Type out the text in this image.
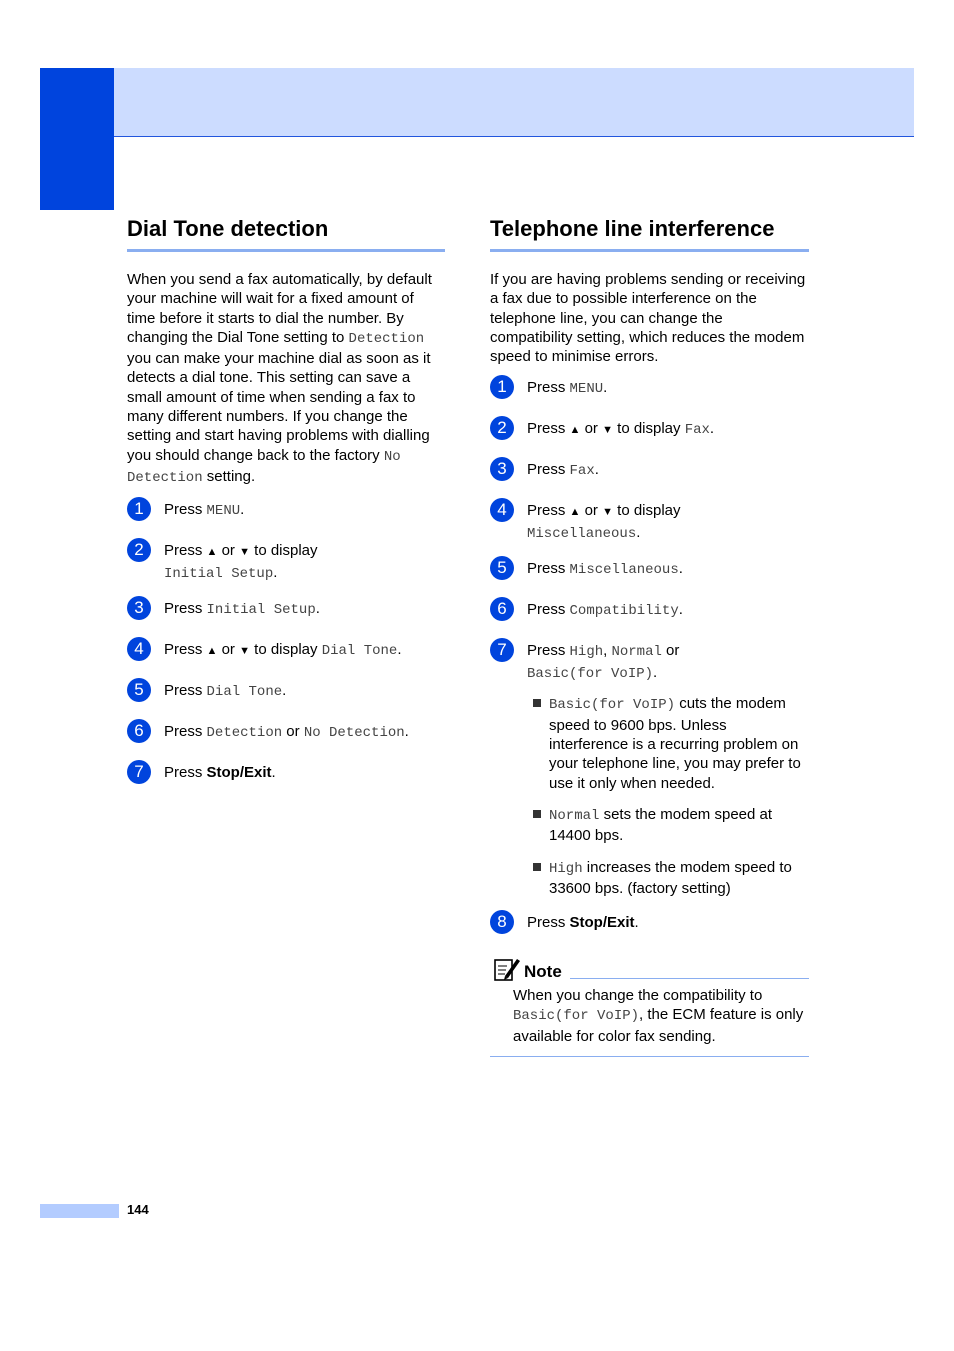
Dial Tone detection

When you send a fax automatically, by default your machine will wait for a fixed amount of time before it starts to dial the number. By changing the Dial Tone setting to Detection you can make your machine dial as soon as it detects a dial tone. This setting can save a small amount of time when sending a fax to many different numbers. If you change the setting and start having problems with dialling you should change back to the factory No Detection setting.

1	Press MENU.
2	Press ▲ or ▼ to display
Initial Setup.
3	Press Initial Setup.
4	Press ▲ or ▼ to display Dial Tone.
5	Press Dial Tone.
6	Press Detection or No Detection.
7	Press Stop/Exit.
Telephone line interference

If you are having problems sending or receiving a fax due to possible interference on the telephone line, you can change the compatibility setting, which reduces the modem speed to minimise errors.

1	Press MENU.
2	Press ▲ or ▼ to display Fax.
3	Press Fax.
4	Press ▲ or ▼ to display
Miscellaneous.
5	Press Miscellaneous.
6	Press Compatibility.
7	Press High, Normal or
Basic(for VoIP).
Basic(for VoIP) cuts the modem speed to 9600 bps. Unless interference is a recurring problem on your telephone line, you may prefer to use it only when needed.
Normal sets the modem speed at 14400 bps.
High increases the modem speed to 33600 bps. (factory setting)
8	Press Stop/Exit.
Note
When you change the compatibility to Basic(for VoIP), the ECM feature is only available for color fax sending.
144
